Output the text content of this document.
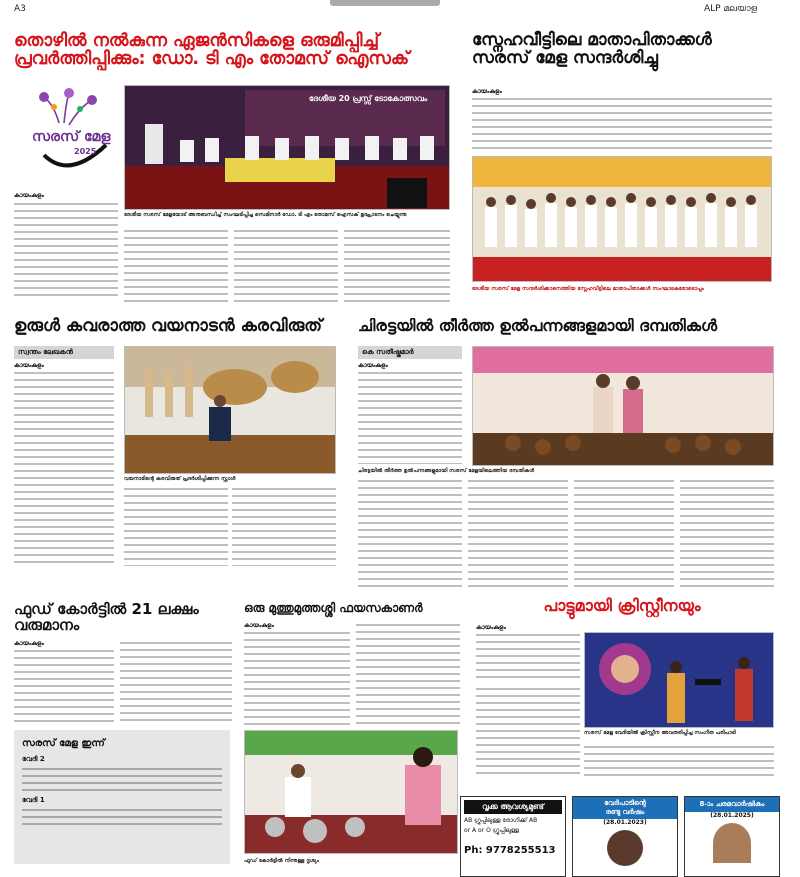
A3	ALP മലയാള
തൊഴിൽ നൽകുന്ന ഏജൻസികളെ ഒരുമിപ്പിച്ച്
പ്രവർത്തിപ്പിക്കും: ഡോ. ടി എം തോമസ് ഐസക്
സരസ് മേള
2025
ദേശീയ 20 പ്രസ്സ് ടോകോത്സവം
ദേശീയ സരസ് മേളയോട് അനുബന്ധിച്ച് സംഘടിപ്പിച്ച സെമിനാർ ഡോ. ടി എം തോമസ് ഐസക് ഉദ്ഘാടനം ചെയ്യുന്നു
കായംകുളം
സ്നേഹവീട്ടിലെ മാതാപിതാക്കൾ
സരസ് മേള സന്ദർശിച്ചു
കായംകുളം
ദേശീയ സരസ് മേള സന്ദർശിക്കാനെത്തിയ സ്നേഹവീട്ടിലെ മാതാപിതാക്കൾ സംഘാടകരോടൊപ്പം
ഉരുൾ കവരാത്ത വയനാടൻ കരവിരുത്
സ്വന്തം ലേഖകൻ
കായംകുളം
വയനാടിന്റെ കരവിരുത് പ്രദർശിപ്പിക്കുന്ന സ്റ്റാൾ
ചിരട്ടയിൽ തീർത്ത ഉൽപന്നങ്ങളുമായി ദമ്പതികൾ
കെ സതീഷ്കുമാർ
കായംകുളം
ചിരട്ടയിൽ തീർത്ത ഉൽപന്നങ്ങളുമായി സരസ് മേളയിലെത്തിയ ദമ്പതികൾ
ഫുഡ് കോർട്ടിൽ 21 ലക്ഷം
വരുമാനം
കായംകുളം
സരസ് മേള ഇന്ന്
വേദി 2
വേദി 1
ഒരു മുത്തുമുത്തശ്ശി ഫയസകാണർ
കായംകുളം
ഫുഡ് കോർട്ടിൽ നിന്നുള്ള ദൃശ്യം
പാട്ടുമായി ക്രിസ്റ്റീനയും
കായംകുളം
സരസ് മേള വേദിയിൽ ക്രിസ്റ്റീന അവതരിപ്പിച്ച സംഗീത പരിപാടി
വൃക്ക ആവശ്യമുണ്ട്
AB ഗ്രൂപ്പിലുള്ള രോഗിക്ക് AB
or A or O ഗ്രൂപ്പിലുള്ള
Ph: 9778255513
വേർപാടിന്റെ
രണ്ടു വർഷം
(28.01.2023)
8-ാം ചരമവാർഷികം
(28.01.2025)
